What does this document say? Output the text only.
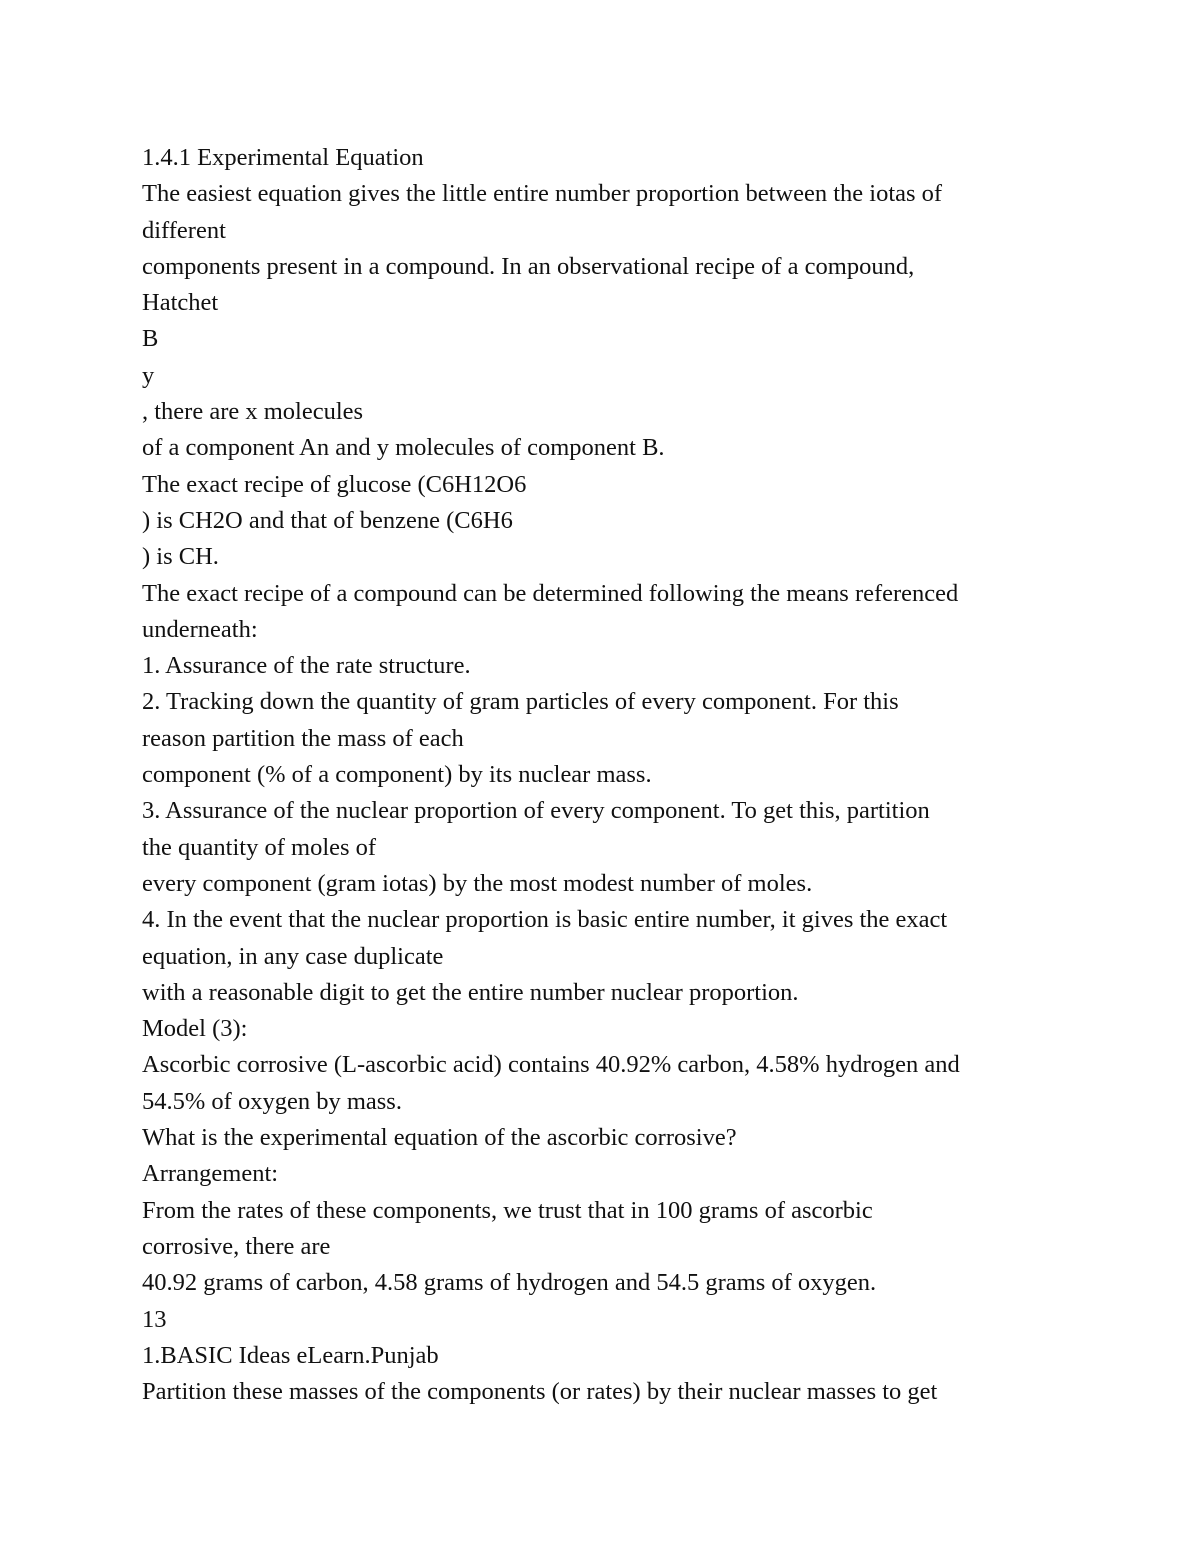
1.4.1 Experimental Equation

The easiest equation gives the little entire number proportion between the iotas of

different

components present in a compound. In an observational recipe of a compound,

Hatchet

B

y

, there are x molecules

of a component An and y molecules of component B.

The exact recipe of glucose (C6H12O6

) is CH2O and that of benzene (C6H6

) is CH.

The exact recipe of a compound can be determined following the means referenced

underneath:

1. Assurance of the rate structure.

2. Tracking down the quantity of gram particles of every component. For this

reason partition the mass of each

component (% of a component) by its nuclear mass.

3. Assurance of the nuclear proportion of every component. To get this, partition

the quantity of moles of

every component (gram iotas) by the most modest number of moles.

4. In the event that the nuclear proportion is basic entire number, it gives the exact

equation, in any case duplicate

with a reasonable digit to get the entire number nuclear proportion.

Model (3):

Ascorbic corrosive (L-ascorbic acid) contains 40.92% carbon, 4.58% hydrogen and

54.5% of oxygen by mass.

What is the experimental equation of the ascorbic corrosive?

Arrangement:

From the rates of these components, we trust that in 100 grams of ascorbic

corrosive, there are

40.92 grams of carbon, 4.58 grams of hydrogen and 54.5 grams of oxygen.

13

1.BASIC Ideas eLearn.Punjab

Partition these masses of the components (or rates) by their nuclear masses to get
